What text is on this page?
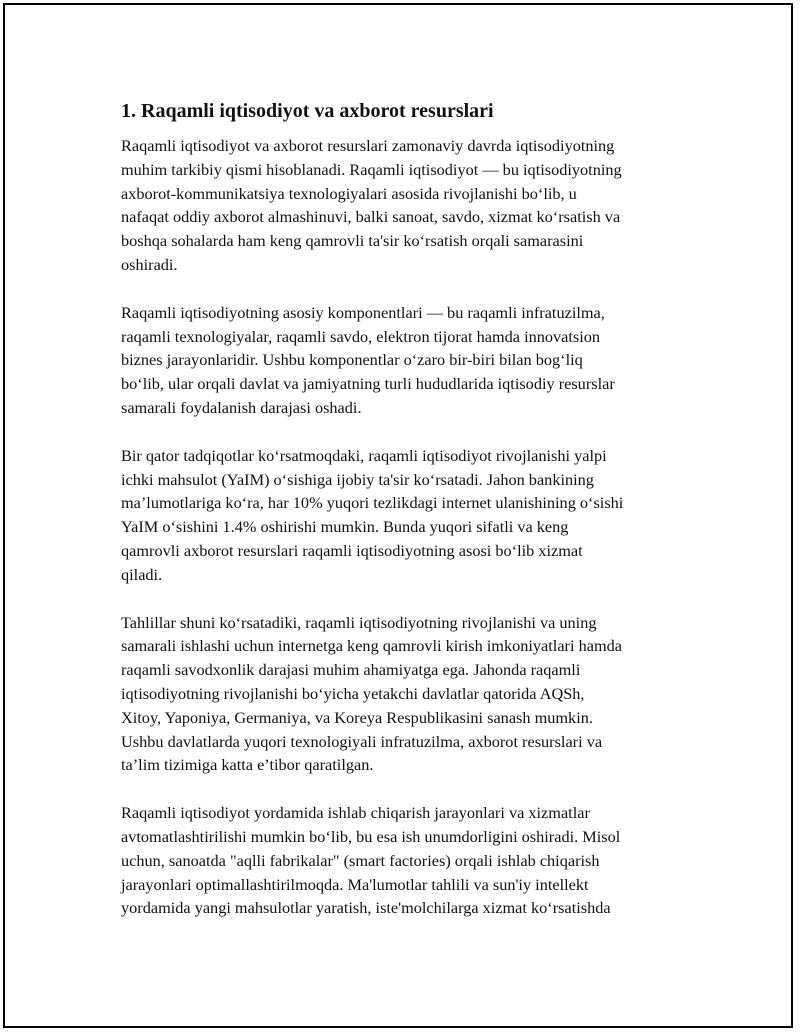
1. Raqamli iqtisodiyot va axborot resurslari

Raqamli iqtisodiyot va axborot resurslari zamonaviy davrda iqtisodiyotning
muhim tarkibiy qismi hisoblanadi. Raqamli iqtisodiyot — bu iqtisodiyotning
axborot-kommunikatsiya texnologiyalari asosida rivojlanishi bo‘lib, u
nafaqat oddiy axborot almashinuvi, balki sanoat, savdo, xizmat ko‘rsatish va
boshqa sohalarda ham keng qamrovli ta'sir ko‘rsatish orqali samarasini
oshiradi.

Raqamli iqtisodiyotning asosiy komponentlari — bu raqamli infratuzilma,
raqamli texnologiyalar, raqamli savdo, elektron tijorat hamda innovatsion
biznes jarayonlaridir. Ushbu komponentlar o‘zaro bir-biri bilan bog‘liq
bo‘lib, ular orqali davlat va jamiyatning turli hududlarida iqtisodiy resurslar
samarali foydalanish darajasi oshadi.

Bir qator tadqiqotlar ko‘rsatmoqdaki, raqamli iqtisodiyot rivojlanishi yalpi
ichki mahsulot (YaIM) o‘sishiga ijobiy ta'sir ko‘rsatadi. Jahon bankining
ma’lumotlariga ko‘ra, har 10% yuqori tezlikdagi internet ulanishining o‘sishi
YaIM o‘sishini 1.4% oshirishi mumkin. Bunda yuqori sifatli va keng
qamrovli axborot resurslari raqamli iqtisodiyotning asosi bo‘lib xizmat
qiladi.

Tahlillar shuni ko‘rsatadiki, raqamli iqtisodiyotning rivojlanishi va uning
samarali ishlashi uchun internetga keng qamrovli kirish imkoniyatlari hamda
raqamli savodxonlik darajasi muhim ahamiyatga ega. Jahonda raqamli
iqtisodiyotning rivojlanishi bo‘yicha yetakchi davlatlar qatorida AQSh,
Xitoy, Yaponiya, Germaniya, va Koreya Respublikasini sanash mumkin.
Ushbu davlatlarda yuqori texnologiyali infratuzilma, axborot resurslari va
ta’lim tizimiga katta e’tibor qaratilgan.

Raqamli iqtisodiyot yordamida ishlab chiqarish jarayonlari va xizmatlar
avtomatlashtirilishi mumkin bo‘lib, bu esa ish unumdorligini oshiradi. Misol
uchun, sanoatda "aqlli fabrikalar" (smart factories) orqali ishlab chiqarish
jarayonlari optimallashtirilmoqda. Ma'lumotlar tahlili va sun'iy intellekt
yordamida yangi mahsulotlar yaratish, iste'molchilarga xizmat ko‘rsatishda
